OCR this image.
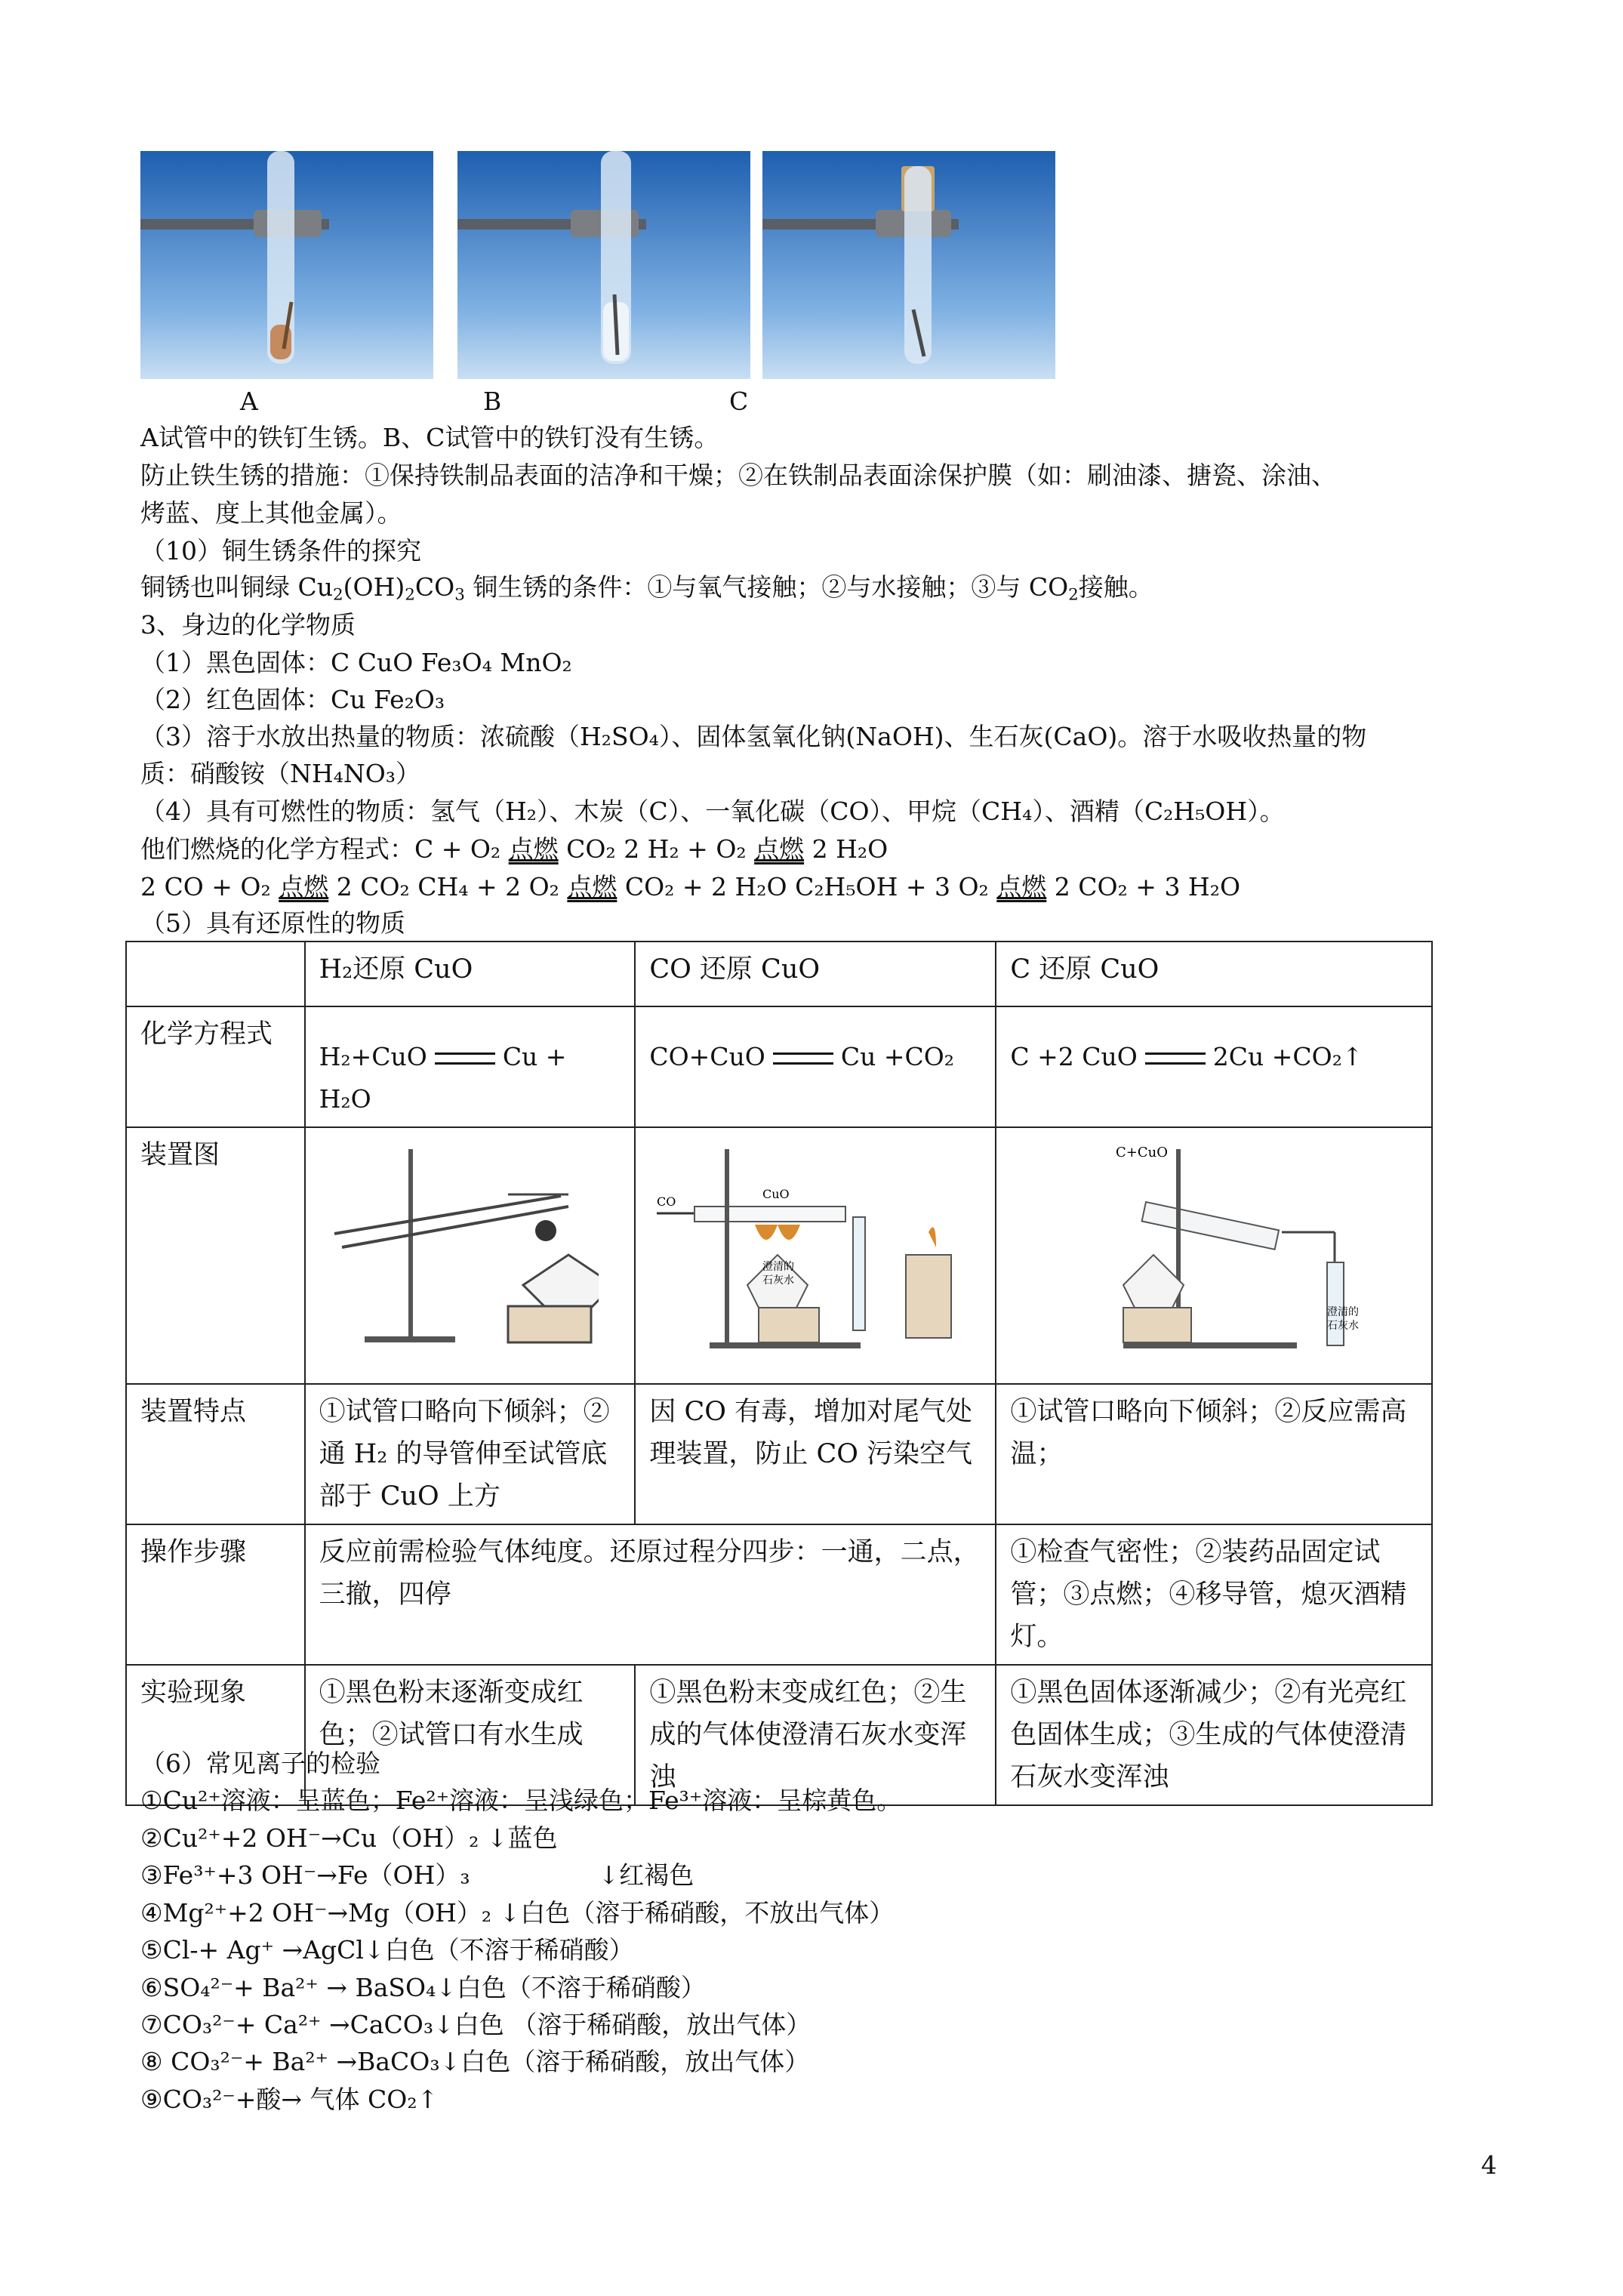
A	B	C
A试管中的铁钉生锈。B、C试管中的铁钉没有生锈。
防止铁生锈的措施：①保持铁制品表面的洁净和干燥；②在铁制品表面涂保护膜（如：刷油漆、搪瓷、涂油、
烤蓝、度上其他金属）。
（10）铜生锈条件的探究
铜锈也叫铜绿 $Cu_2(OH)_2CO_3$ 铜生锈的条件：①与氧气接触；②与水接触；③与 $CO_2$接触。
3、身边的化学物质
（1）黑色固体：C CuO Fe₃O₄ MnO₂
（2）红色固体：Cu Fe₂O₃
（3）溶于水放出热量的物质：浓硫酸（H₂SO₄）、固体氢氧化钠(NaOH)、生石灰(CaO)。溶于水吸收热量的物
质：硝酸铵（NH₄NO₃）
（4）具有可燃性的物质：氢气（H₂）、木炭（C）、一氧化碳（CO）、甲烷（CH₄）、酒精（C₂H₅OH）。
他们燃烧的化学方程式：C + O₂ 点燃 CO₂ 2 H₂ + O₂ 点燃 2 H₂O
2 CO + O₂ 点燃 2 CO₂ CH₄ + 2 O₂ 点燃 CO₂ + 2 H₂O C₂H₅OH + 3 O₂ 点燃 2 CO₂ + 3 H₂O
（5）具有还原性的物质
	H₂还原 CuO	CO 还原 CuO	C 还原 CuO
化学方程式	H₂+CuO Cu + H₂O	CO+CuO Cu +CO₂	C +2 CuO 2Cu +CO₂↑
装置图		CO
CuO
澄清的
石灰水	C+CuO
澄清的
石灰水

装置特点	①试管口略向下倾斜；②通 H₂ 的导管伸至试管底部于 CuO 上方	因 CO 有毒，增加对尾气处理装置，防止 CO 污染空气	①试管口略向下倾斜；②反应需高温；
操作步骤	反应前需检验气体纯度。还原过程分四步：一通，二点，三撤，四停		①检查气密性；②装药品固定试管；③点燃；④移导管，熄灭酒精灯。
实验现象	①黑色粉末逐渐变成红色；②试管口有水生成	①黑色粉末变成红色；②生成的气体使澄清石灰水变浑浊	①黑色固体逐渐减少；②有光亮红色固体生成；③生成的气体使澄清石灰水变浑浊
（6）常见离子的检验
①Cu²⁺溶液：呈蓝色；Fe²⁺溶液：呈浅绿色；Fe³⁺溶液：呈棕黄色。
②Cu²⁺+2 OH⁻→Cu（OH）₂ ↓蓝色
③Fe³⁺+3 OH⁻→Fe（OH）₃	↓红褐色
④Mg²⁺+2 OH⁻→Mg（OH）₂ ↓白色（溶于稀硝酸，不放出气体）
⑤Cl-+ Ag⁺ →AgCl↓白色（不溶于稀硝酸）
⑥SO₄²⁻+ Ba²⁺ → BaSO₄↓白色（不溶于稀硝酸）
⑦CO₃²⁻+ Ca²⁺ →CaCO₃↓白色 （溶于稀硝酸，放出气体）
⑧ CO₃²⁻+ Ba²⁺ →BaCO₃↓白色（溶于稀硝酸，放出气体）
⑨CO₃²⁻+酸→ 气体 CO₂↑
4
